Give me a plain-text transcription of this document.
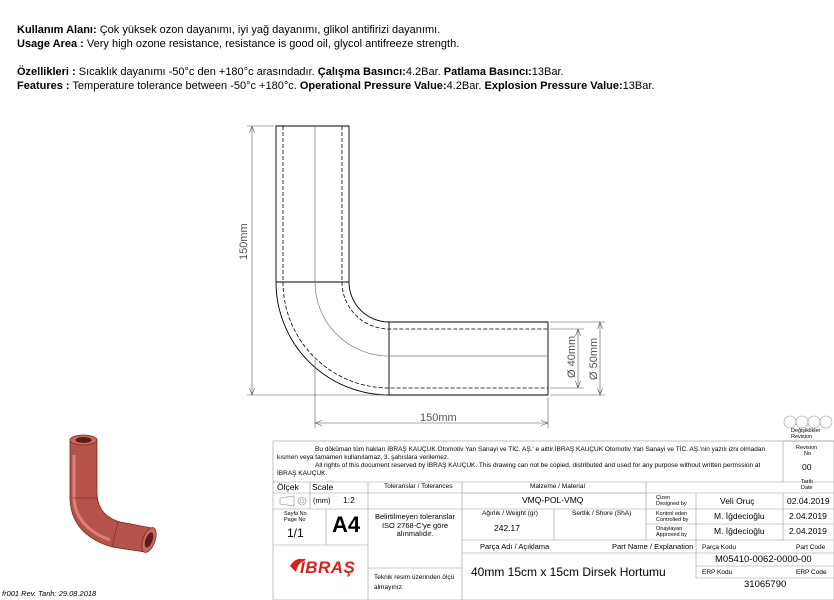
Kullanım Alanı: Çok yüksek ozon dayanımı, iyi yağ dayanımı, glikol antifirizi dayanımı.
Usage Area : Very high ozone resistance, resistance is good oil, glycol antifreeze strength.
Özellikleri : Sıcaklık dayanımı -50°c den +180°c arasındadır. Çalışma Basıncı:4.2Bar. Patlama Basıncı:13Bar.
Features : Temperature tolerance between -50°c +180°c. Operational Pressure Value:4.2Bar. Explosion Pressure Value:13Bar.
150mm
150mm
Ø 40mm Ø 50mm
Değişiklikler
Revision
Revision
No
00
Tarih
Date
Bu döküman tüm hakları İBRAŞ KAUÇUK Otomotiv Yan Sanayi ve TİC. AŞ.' e aittir.İBRAŞ KAUÇUK Otomotiv Yan Sanayi ve TİC. AŞ.'nin yazılı izni olmadan kısmen veya tamamen kullanılamaz, 3. şahıslara verilemez.
All rights of this document reserved by İBRAŞ KAUÇUK. This drawing can not be copied, distributed and used for any purpose without written permssion at İBRAŞ KAUÇUK.
Ölçek Scale
(mm) 1:2
Sayfa No
Page No
1/1 A4
İBRAŞ
Toleranslar / Tolerances
Belirtilmeyen toleranslar ISO 2768-C'ye göre alınmalıdır.
Teknik resim üzerinden ölçü almayınız.
Malzeme / Material
VMQ-POL-VMQ
Ağırlık / Weight (gr)
242.17
Sertlik / Shore (ShA)
Çizen
Designed by	Veli Oruç	02.04.2019
Kontrol eden
Controlled by	M. İğdecioğlu	2.04.2019
Onaylayan
Approved by	M. İğdecioğlu	2.04.2019
Parça Adı / Açıklama	Part Name / Explanation
40mm 15cm x 15cm Dirsek Hortumu
Parça Kodu	Part Code
M05410-0062-0000-00
ERP Kodu	ERP Code
31065790
fr001 Rev. Tarih: 29.08.2018
